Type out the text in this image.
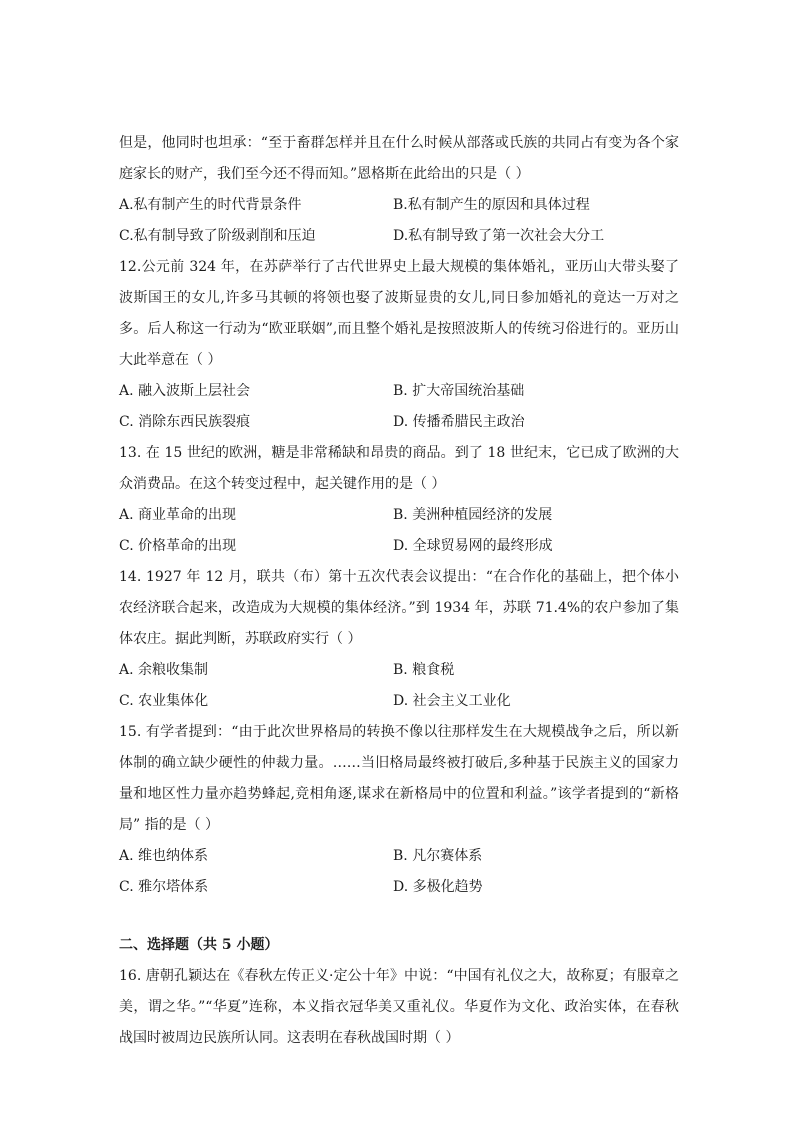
但是，他同时也坦承：“至于畜群怎样并且在什么时候从部落或氏族的共同占有变为各个家庭家长的财产，我们至今还不得而知。”恩格斯在此给出的只是（ ）

A.私有制产生的时代背景条件	B.私有制产生的原因和具体过程
C.私有制导致了阶级剥削和压迫	D.私有制导致了第一次社会大分工

12.公元前 324 年，在苏萨举行了古代世界史上最大规模的集体婚礼，亚历山大带头娶了波斯国王的女儿,许多马其顿的将领也娶了波斯显贵的女儿,同日参加婚礼的竟达一万对之多。后人称这一行动为“欧亚联姻”,而且整个婚礼是按照波斯人的传统习俗进行的。亚历山大此举意在（ ）

A. 融入波斯上层社会	B. 扩大帝国统治基础
C. 消除东西民族裂痕	D. 传播希腊民主政治

13. 在 15 世纪的欧洲，糖是非常稀缺和昂贵的商品。到了 18 世纪末，它已成了欧洲的大众消费品。在这个转变过程中，起关键作用的是（ ）

A. 商业革命的出现	B. 美洲种植园经济的发展
C. 价格革命的出现	D. 全球贸易网的最终形成

14. 1927 年 12 月，联共（布）第十五次代表会议提出：“在合作化的基础上，把个体小农经济联合起来，改造成为大规模的集体经济。”到 1934 年，苏联 71.4%的农户参加了集体农庄。据此判断，苏联政府实行（ ）

A. 余粮收集制	B. 粮食税
C. 农业集体化	D. 社会主义工业化

15. 有学者提到：“由于此次世界格局的转换不像以往那样发生在大规模战争之后，所以新体制的确立缺少硬性的仲裁力量。……当旧格局最终被打破后,多种基于民族主义的国家力量和地区性力量亦趋势蜂起,竞相角逐,谋求在新格局中的位置和利益。”该学者提到的“新格局” 指的是（ ）

A. 维也纳体系	B. 凡尔赛体系
C. 雅尔塔体系	D. 多极化趋势
二、选择题（共 5 小题）

16. 唐朝孔颖达在《春秋左传正义·定公十年》中说：“中国有礼仪之大，故称夏；有服章之美，谓之华。”“华夏”连称，本义指衣冠华美又重礼仪。华夏作为文化、政治实体，在春秋战国时被周边民族所认同。这表明在春秋战国时期（ ）
